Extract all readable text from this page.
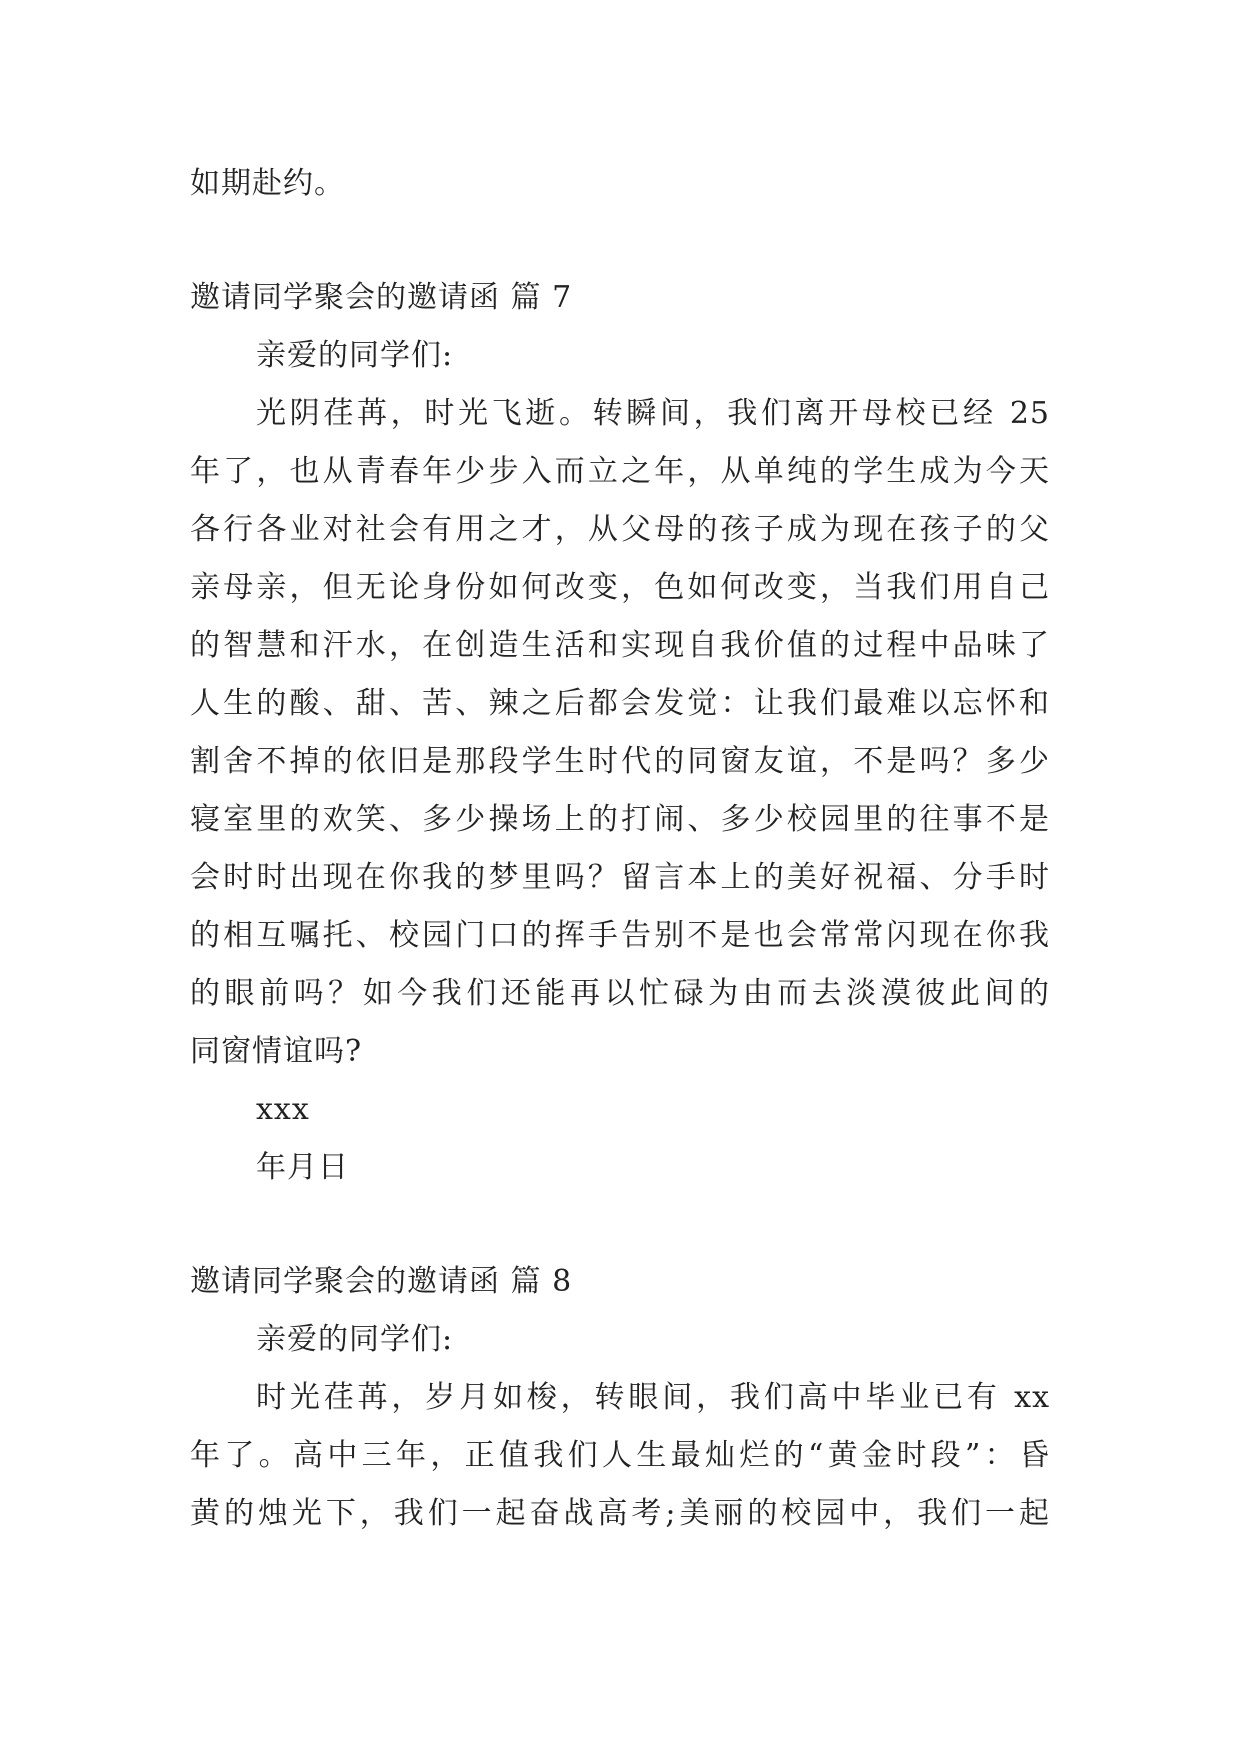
如期赴约。
邀请同学聚会的邀请函 篇 7
亲爱的同学们:
光阴荏苒，时光飞逝。转瞬间，我们离开母校已经 25
年了，也从青春年少步入而立之年，从单纯的学生成为今天
各行各业对社会有用之才，从父母的孩子成为现在孩子的父
亲母亲，但无论身份如何改变，色如何改变，当我们用自己
的智慧和汗水，在创造生活和实现自我价值的过程中品味了
人生的酸、甜、苦、辣之后都会发觉：让我们最难以忘怀和
割舍不掉的依旧是那段学生时代的同窗友谊，不是吗？多少
寝室里的欢笑、多少操场上的打闹、多少校园里的往事不是
会时时出现在你我的梦里吗？留言本上的美好祝福、分手时
的相互嘱托、校园门口的挥手告别不是也会常常闪现在你我
的眼前吗？如今我们还能再以忙碌为由而去淡漠彼此间的
同窗情谊吗?
xxx
年月日
邀请同学聚会的邀请函 篇 8
亲爱的同学们:
时光荏苒，岁月如梭，转眼间，我们高中毕业已有 xx
年了。高中三年，正值我们人生最灿烂的“黄金时段”：昏
黄的烛光下，我们一起奋战高考;美丽的校园中，我们一起
